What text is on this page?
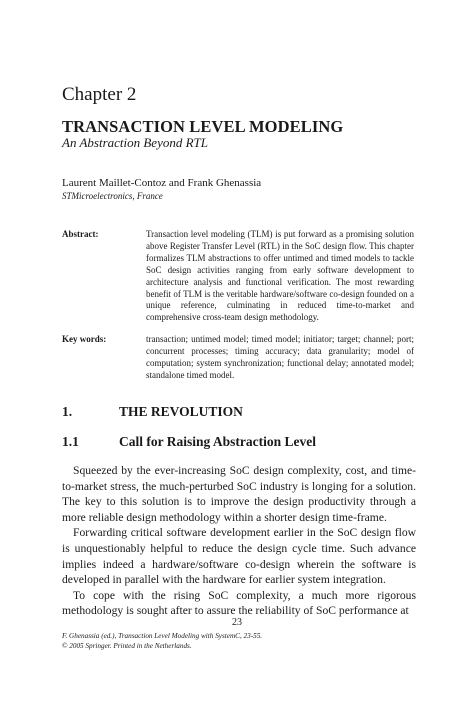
Chapter 2
TRANSACTION LEVEL MODELING
An Abstraction Beyond RTL
Laurent Maillet-Contoz and Frank Ghenassia
STMicroelectronics, France
Abstract:	Transaction level modeling (TLM) is put forward as a promising solution above Register Transfer Level (RTL) in the SoC design flow. This chapter formalizes TLM abstractions to offer untimed and timed models to tackle SoC design activities ranging from early software development to architecture analysis and functional verification. The most rewarding benefit of TLM is the veritable hardware/software co-design founded on a unique reference, culminating in reduced time-to-market and comprehensive cross-team design methodology.
Key words:	transaction; untimed model; timed model; initiator; target; channel; port; concurrent processes; timing accuracy; data granularity; model of computation; system synchronization; functional delay; annotated model; standalone timed model.
1.	THE REVOLUTION
1.1	Call for Raising Abstraction Level

Squeezed by the ever-increasing SoC design complexity, cost, and time-to-market stress, the much-perturbed SoC industry is longing for a solution. The key to this solution is to improve the design productivity through a more reliable design methodology within a shorter design time-frame.

Forwarding critical software development earlier in the SoC design flow is unquestionably helpful to reduce the design cycle time. Such advance implies indeed a hardware/software co-design wherein the software is developed in parallel with the hardware for earlier system integration.

To cope with the rising SoC complexity, a much more rigorous methodology is sought after to assure the reliability of SoC performance at

23
F. Ghenassia (ed.), Transaction Level Modeling with SystemC, 23-55.
© 2005 Springer. Printed in the Netherlands.
